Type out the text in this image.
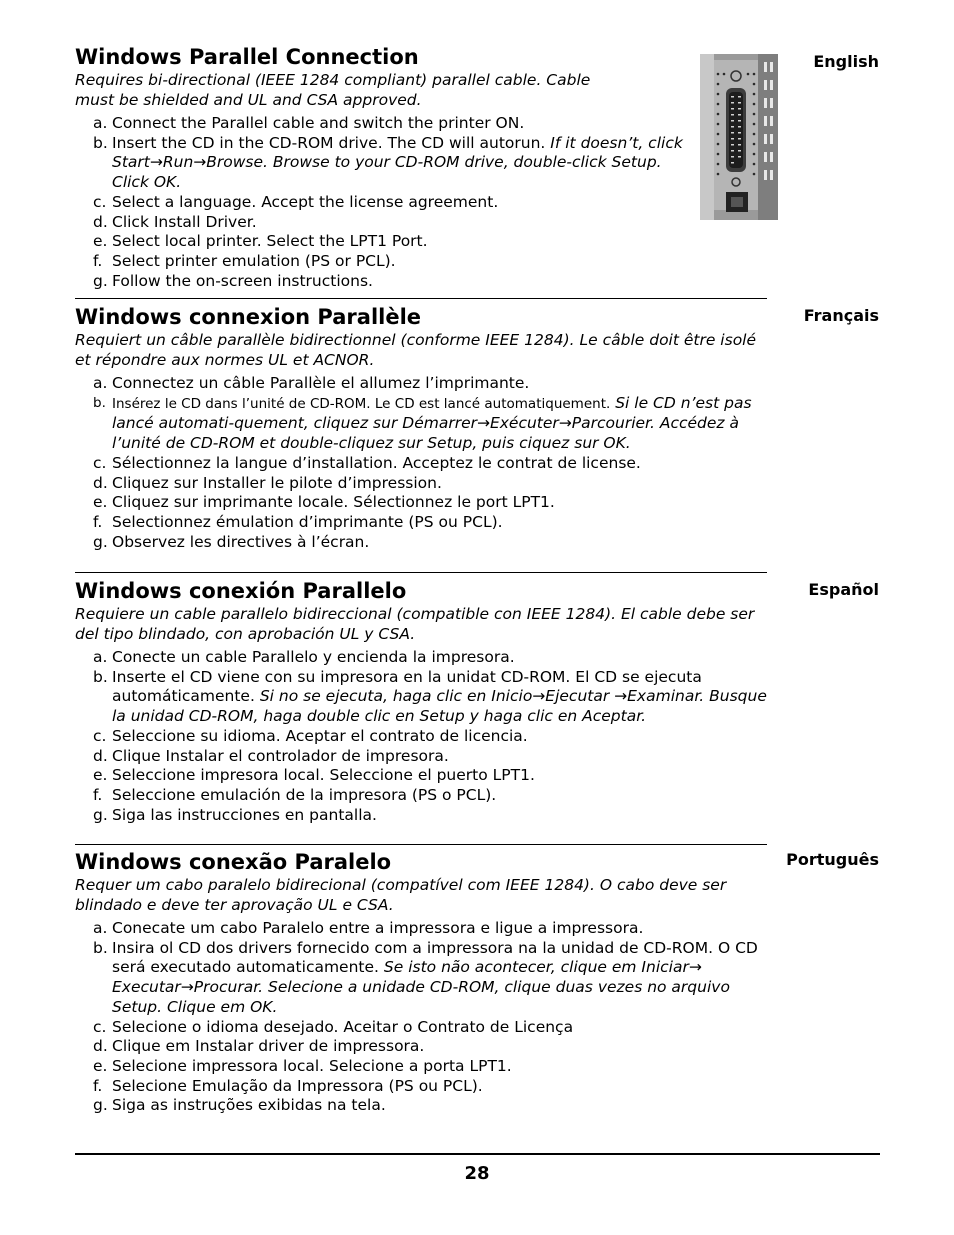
English
Windows Parallel Connection

Requires bi-directional (IEEE 1284 compliant) parallel cable. Cable must be shielded and UL and CSA approved.

a. Connect the Parallel cable and switch the printer ON.
b. Insert the CD in the CD-ROM drive. The CD will autorun. If it doesn’t, click Start→Run→Browse. Browse to your CD-ROM drive, double-click Setup. Click OK.
c. Select a language. Accept the license agreement.
d. Click Install Driver.
e. Select local printer. Select the LPT1 Port.
f. Select printer emulation (PS or PCL).
g. Follow the on-screen instructions.
Français
Windows connexion Parallèle

Requiert un câble parallèle bidirectionnel (conforme IEEE 1284). Le câble doit être isolé et répondre aux normes UL et ACNOR.

a. Connectez un câble Parallèle el allumez l’imprimante.
b. Insérez le CD dans l’unité de CD-ROM. Le CD est lancé automatiquement. Si le CD n’est pas lancé automati-quement, cliquez sur Démarrer→Exécuter→Parcourier. Accédez à l’unité de CD-ROM et double-cliquez sur Setup, puis ciquez sur OK.
c. Sélectionnez la langue d’installation. Acceptez le contrat de license.
d. Cliquez sur Installer le pilote d’impression.
e. Cliquez sur imprimante locale. Sélectionnez le port LPT1.
f. Selectionnez émulation d’imprimante (PS ou PCL).
g. Observez les directives à l’écran.
Español
Windows conexión Parallelo

Requiere un cable parallelo bidireccional (compatible con IEEE 1284). El cable debe ser del tipo blindado, con aprobación UL y CSA.

a. Conecte un cable Parallelo y encienda la impresora.
b. Inserte el CD viene con su impresora en la unidat CD-ROM. El CD se ejecuta automáticamente. Si no se ejecuta, haga clic en Inicio→Ejecutar →Examinar. Busque la unidad CD-ROM, haga double clic en Setup y haga clic en Aceptar.
c. Seleccione su idioma. Aceptar el contrato de licencia.
d. Clique Instalar el controlador de impresora.
e. Seleccione impresora local. Seleccione el puerto LPT1.
f. Seleccione emulación de la impresora (PS o PCL).
g. Siga las instrucciones en pantalla.
Português
Windows conexão Paralelo

Requer um cabo paralelo bidirecional (compatível com IEEE 1284). O cabo deve ser blindado e deve ter aprovação UL e CSA.

a. Conecate um cabo Paralelo entre a impressora e ligue a impressora.
b. Insira ol CD dos drivers fornecido com a impressora na la unidad de CD-ROM. O CD será executado automaticamente. Se isto não acontecer, clique em Iniciar→ Executar→Procurar. Selecione a unidade CD-ROM, clique duas vezes no arquivo Setup. Clique em OK.
c. Selecione o idioma desejado. Aceitar o Contrato de Licença
d. Clique em Instalar driver de impressora.
e. Selecione impressora local. Selecione a porta LPT1.
f. Selecione Emulação da Impressora (PS ou PCL).
g. Siga as instruções exibidas na tela.
28
